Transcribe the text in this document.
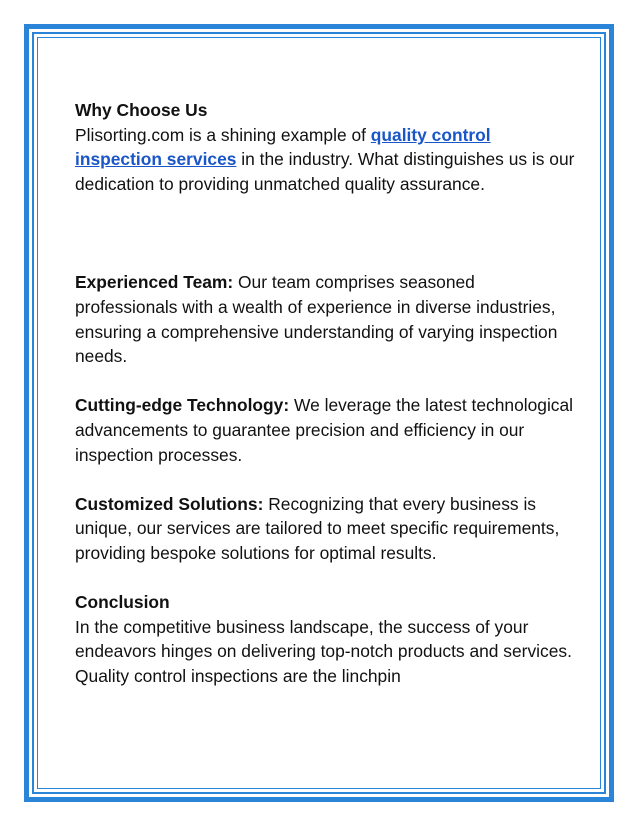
Why Choose Us

Plisorting.com is a shining example of quality control inspection services in the industry. What distinguishes us is our dedication to providing unmatched quality assurance.

Experienced Team: Our team comprises seasoned professionals with a wealth of experience in diverse industries, ensuring a comprehensive understanding of varying inspection needs.

Cutting-edge Technology: We leverage the latest technological advancements to guarantee precision and efficiency in our inspection processes.

Customized Solutions: Recognizing that every business is unique, our services are tailored to meet specific requirements, providing bespoke solutions for optimal results.

Conclusion

In the competitive business landscape, the success of your endeavors hinges on delivering top-notch products and services. Quality control inspections are the linchpin
